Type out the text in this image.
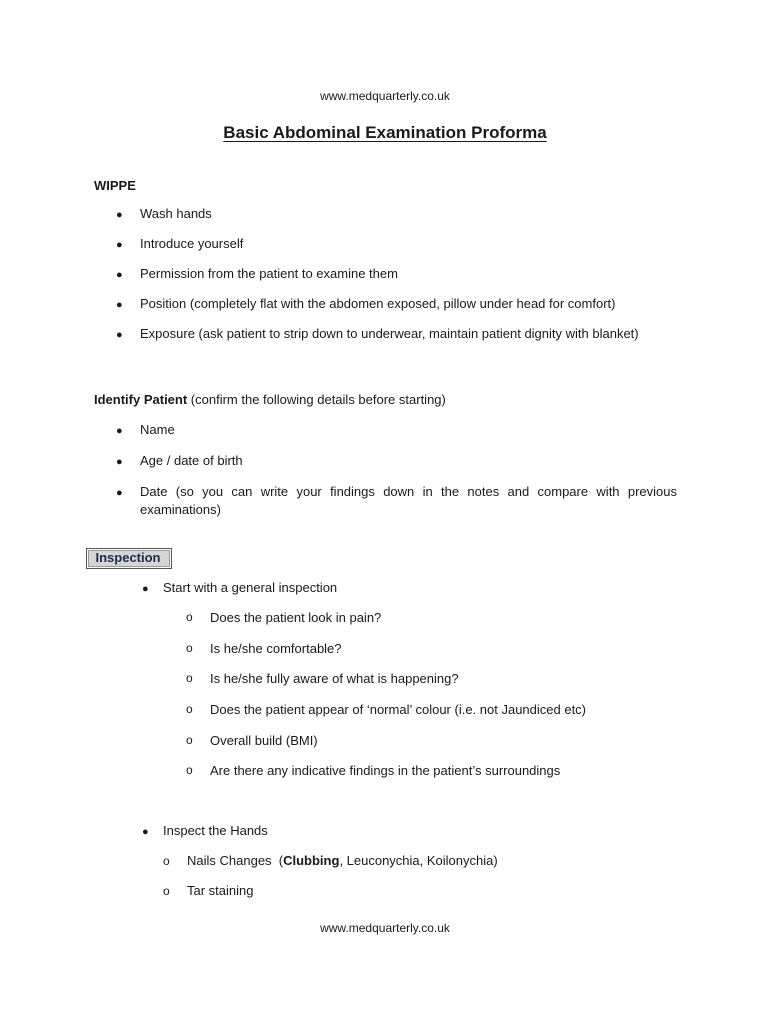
www.medquarterly.co.uk
Basic Abdominal Examination Proforma
WIPPE
● Wash hands
● Introduce yourself
● Permission from the patient to examine them
● Position (completely flat with the abdomen exposed, pillow under head for comfort)
● Exposure (ask patient to strip down to underwear, maintain patient dignity with blanket)
Identify Patient (confirm the following details before starting)
● Name
● Age / date of birth
● Date (so you can write your findings down in the notes and compare with previous examinations)
Inspection
● Start with a general inspection
o Does the patient look in pain?
o Is he/she comfortable?
o Is he/she fully aware of what is happening?
o Does the patient appear of ‘normal’ colour (i.e. not Jaundiced etc)
o Overall build (BMI)
o Are there any indicative findings in the patient’s surroundings
● Inspect the Hands
o Nails Changes  (Clubbing, Leuconychia, Koilonychia)
o Tar staining
www.medquarterly.co.uk
